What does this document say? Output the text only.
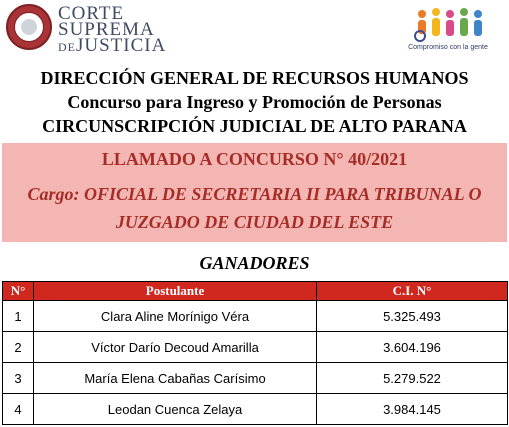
CORTE
SUPREMA
DEJUSTICIA	Compromiso con la gente
DIRECCIÓN GENERAL DE RECURSOS HUMANOS
Concurso para Ingreso y Promoción de Personas
CIRCUNSCRIPCIÓN JUDICIAL DE ALTO PARANA
LLAMADO A CONCURSO N° 40/2021
Cargo: OFICIAL DE SECRETARIA II PARA TRIBUNAL O
JUZGADO DE CIUDAD DEL ESTE
GANADORES
N°	Postulante	C.I. N°
1	Clara Aline Morínigo Véra	5.325.493
2	Víctor Darío Decoud Amarilla	3.604.196
3	María Elena Cabañas Carísimo	5.279.522
4	Leodan Cuenca Zelaya	3.984.145
